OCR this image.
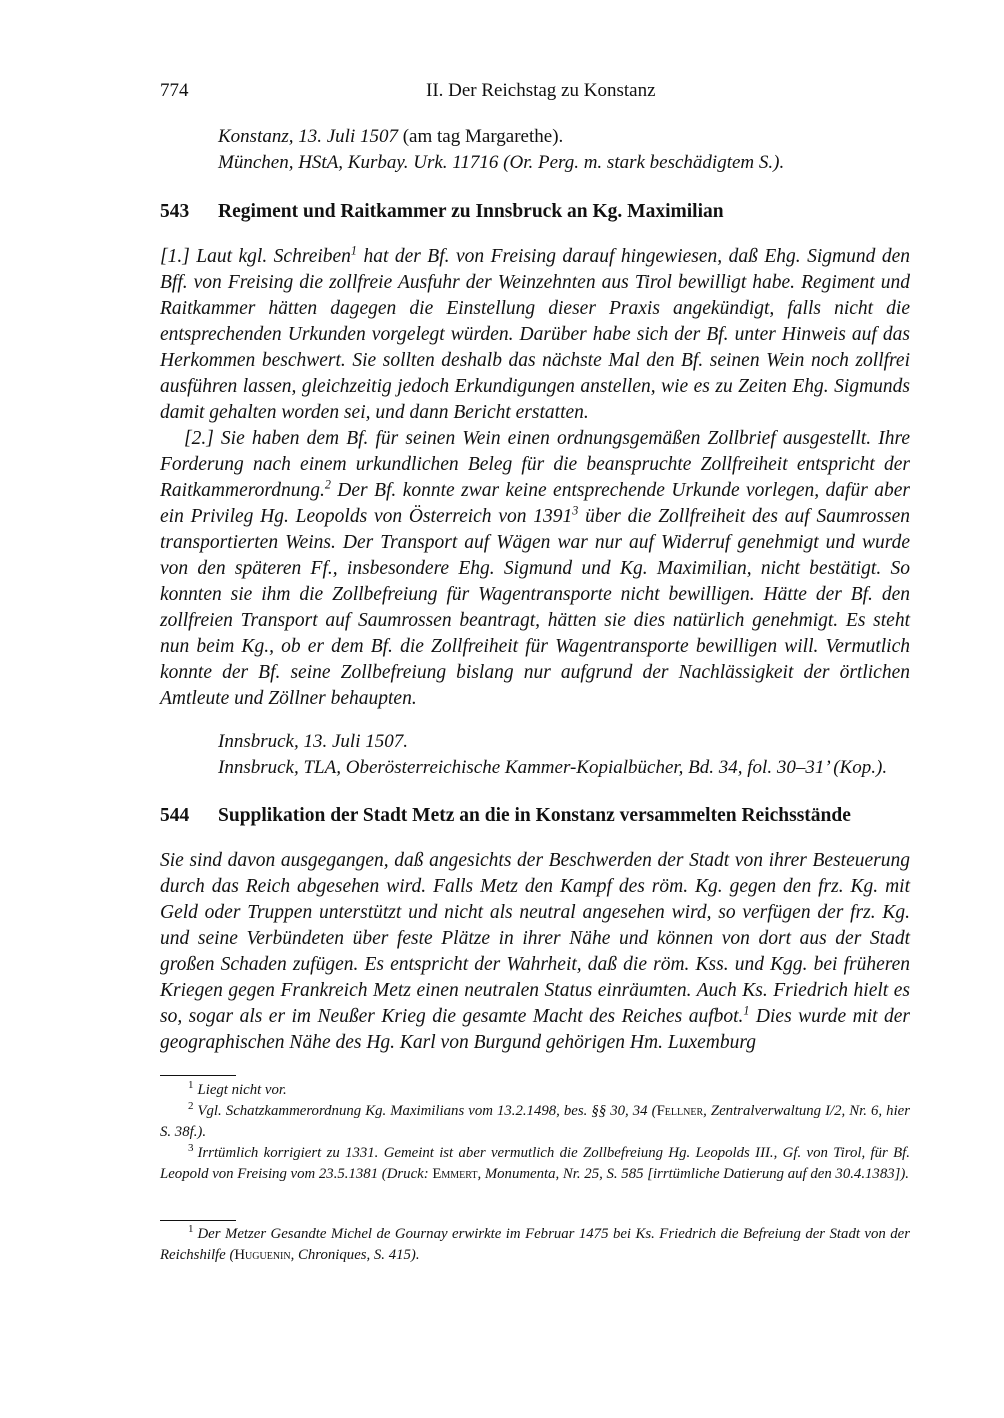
774	II. Der Reichstag zu Konstanz
Konstanz, 13. Juli 1507 (am tag Margarethe).
München, HStA, Kurbay. Urk. 11716 (Or. Perg. m. stark beschädigtem S.).
543 Regiment und Raitkammer zu Innsbruck an Kg. Maximilian

[1.] Laut kgl. Schreiben$^1$ hat der Bf. von Freising darauf hingewiesen, daß Ehg. Sigmund den Bff. von Freising die zollfreie Ausfuhr der Weinzehnten aus Tirol bewilligt habe. Regiment und Raitkammer hätten dagegen die Einstellung dieser Praxis angekündigt, falls nicht die entsprechenden Urkunden vorgelegt würden. Darüber habe sich der Bf. unter Hinweis auf das Herkommen beschwert. Sie sollten deshalb das nächste Mal den Bf. seinen Wein noch zollfrei ausführen lassen, gleichzeitig jedoch Erkundigungen anstellen, wie es zu Zeiten Ehg. Sigmunds damit gehalten worden sei, und dann Bericht erstatten.

[2.] Sie haben dem Bf. für seinen Wein einen ordnungsgemäßen Zollbrief ausgestellt. Ihre Forderung nach einem urkundlichen Beleg für die beanspruchte Zollfreiheit entspricht der Raitkammerordnung.$^2$ Der Bf. konnte zwar keine entsprechende Urkunde vorlegen, dafür aber ein Privileg Hg. Leopolds von Österreich von 1391$^3$ über die Zollfreiheit des auf Saumrossen transportierten Weins. Der Transport auf Wägen war nur auf Widerruf genehmigt und wurde von den späteren Ff., insbesondere Ehg. Sigmund und Kg. Maximilian, nicht bestätigt. So konnten sie ihm die Zollbefreiung für Wagentransporte nicht bewilligen. Hätte der Bf. den zollfreien Transport auf Saumrossen beantragt, hätten sie dies natürlich genehmigt. Es steht nun beim Kg., ob er dem Bf. die Zollfreiheit für Wagentransporte bewilligen will. Vermutlich konnte der Bf. seine Zollbefreiung bislang nur aufgrund der Nachlässigkeit der örtlichen Amtleute und Zöllner behaupten.

Innsbruck, 13. Juli 1507.
Innsbruck, TLA, Oberösterreichische Kammer-Kopialbücher, Bd. 34, fol. 30–31’ (Kop.).
544 Supplikation der Stadt Metz an die in Konstanz versammelten Reichsstände

Sie sind davon ausgegangen, daß angesichts der Beschwerden der Stadt von ihrer Besteuerung durch das Reich abgesehen wird. Falls Metz den Kampf des röm. Kg. gegen den frz. Kg. mit Geld oder Truppen unterstützt und nicht als neutral angesehen wird, so verfügen der frz. Kg. und seine Verbündeten über feste Plätze in ihrer Nähe und können von dort aus der Stadt großen Schaden zufügen. Es entspricht der Wahrheit, daß die röm. Kss. und Kgg. bei früheren Kriegen gegen Frankreich Metz einen neutralen Status einräumten. Auch Ks. Friedrich hielt es so, sogar als er im Neußer Krieg die gesamte Macht des Reiches aufbot.$^1$ Dies wurde mit der geographischen Nähe des Hg. Karl von Burgund gehörigen Hm. Luxemburg

$^1$ Liegt nicht vor.

$^2$ Vgl. Schatzkammerordnung Kg. Maximilians vom 13.2.1498, bes. §§ 30, 34 (Fellner, Zentralverwaltung I/2, Nr. 6, hier S. 38f.).

$^3$ Irrtümlich korrigiert zu 1331. Gemeint ist aber vermutlich die Zollbefreiung Hg. Leopolds III., Gf. von Tirol, für Bf. Leopold von Freising vom 23.5.1381 (Druck: Emmert, Monumenta, Nr. 25, S. 585 [irrtümliche Datierung auf den 30.4.1383]).

$^1$ Der Metzer Gesandte Michel de Gournay erwirkte im Februar 1475 bei Ks. Friedrich die Befreiung der Stadt von der Reichshilfe (Huguenin, Chroniques, S. 415).
